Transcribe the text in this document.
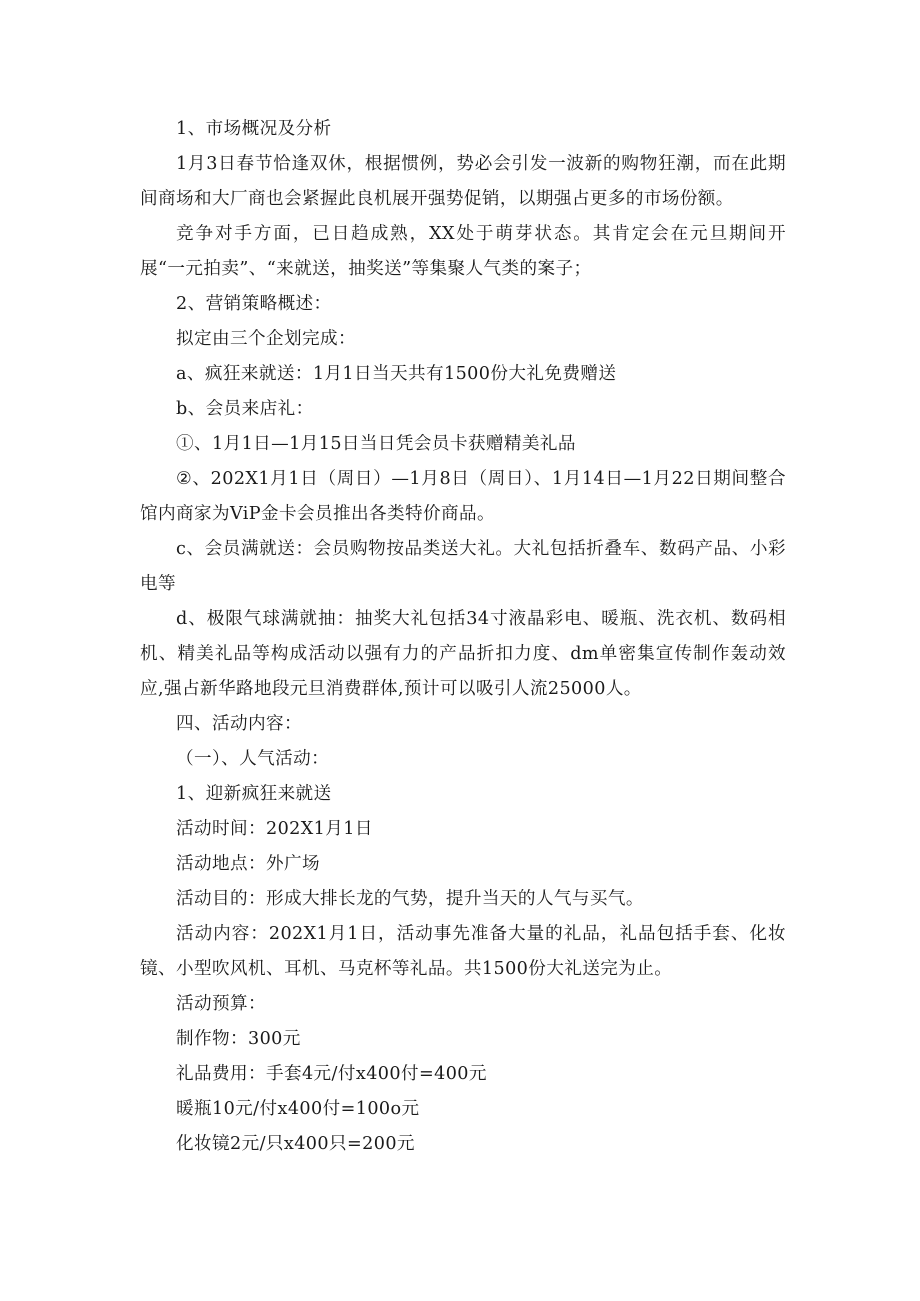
1、市场概况及分析

1月3日春节恰逢双休，根据惯例，势必会引发一波新的购物狂潮，而在此期间商场和大厂商也会紧握此良机展开强势促销，以期强占更多的市场份额。

竞争对手方面，已日趋成熟，XX处于萌芽状态。其肯定会在元旦期间开展“一元拍卖”、“来就送，抽奖送”等集聚人气类的案子；

2、营销策略概述：

拟定由三个企划完成：

a、疯狂来就送：1月1日当天共有1500份大礼免费赠送

b、会员来店礼：

①、1月1日—1月15日当日凭会员卡获赠精美礼品

②、202X1月1日（周日）—1月8日（周日）、1月14日—1月22日期间整合馆内商家为ViP金卡会员推出各类特价商品。

c、会员满就送：会员购物按品类送大礼。大礼包括折叠车、数码产品、小彩电等

d、极限气球满就抽：抽奖大礼包括34寸液晶彩电、暖瓶、洗衣机、数码相机、精美礼品等构成活动以强有力的产品折扣力度、dm单密集宣传制作轰动效应,强占新华路地段元旦消费群体,预计可以吸引人流25000人。

四、活动内容：

（一）、人气活动：

1、迎新疯狂来就送

活动时间：202X1月1日

活动地点：外广场

活动目的：形成大排长龙的气势，提升当天的人气与买气。

活动内容：202X1月1日，活动事先准备大量的礼品，礼品包括手套、化妆镜、小型吹风机、耳机、马克杯等礼品。共1500份大礼送完为止。

活动预算：

制作物：300元

礼品费用：手套4元/付x400付=400元

暖瓶10元/付x400付=100o元

化妆镜2元/只x400只=200元
